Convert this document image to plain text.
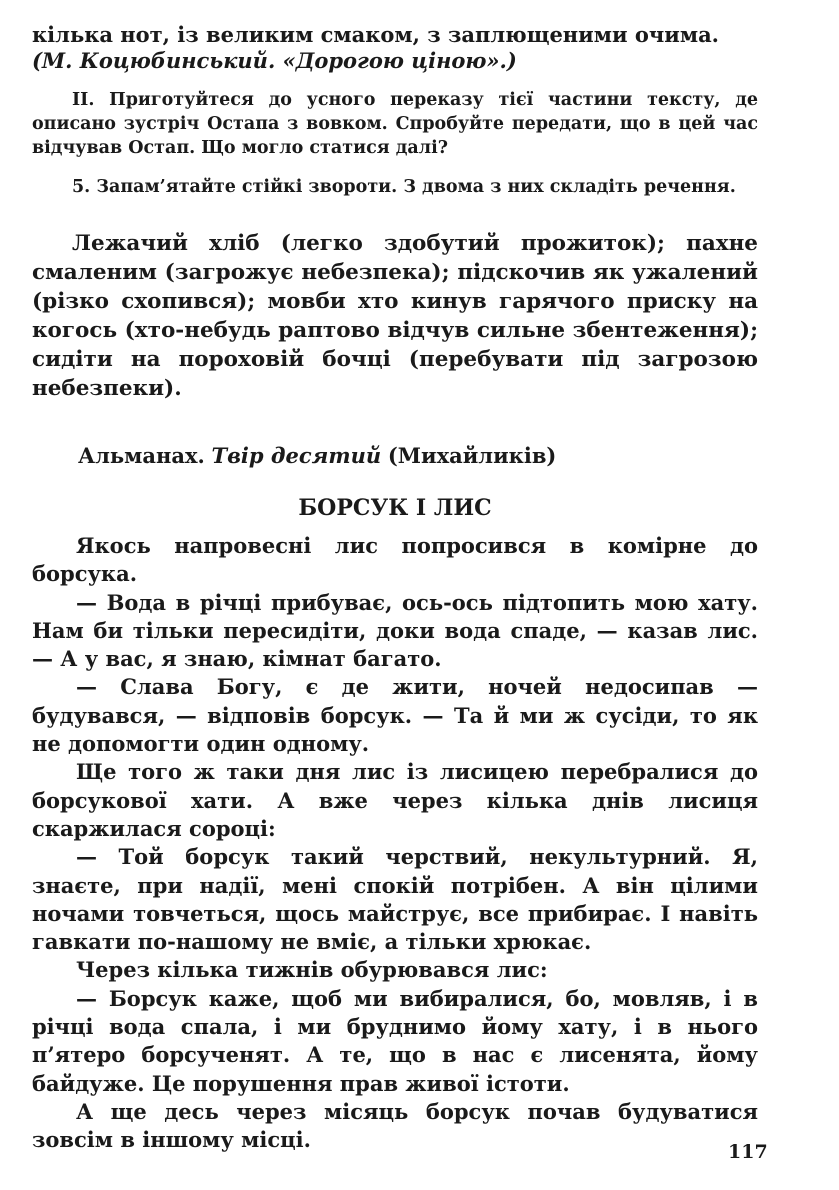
кілька нот, із великим смаком, з заплющеними очима.
(М. Коцюбинський. «Дорогою ціною».)

II. Приготуйтеся до усного переказу тієї частини тексту, де описано зустріч Остапа з вовком. Спробуйте передати, що в цей час відчував Остап. Що могло статися далі?

5. Запам’ятайте стійкі звороти. З двома з них складіть речення.

Лежачий хліб (легко здобутий прожиток); пахне смаленим (загрожує небезпека); підскочив як ужалений (різко схопився); мовби хто кинув гарячого приску на когось (хто-небудь раптово відчув сильне збентеження); сидіти на пороховій бочці (перебувати під загрозою небезпеки).

Альманах. Твір десятий (Михайликів)

БОРСУК І ЛИС

Якось напровесні лис попросився в комірне до борсука.

— Вода в річці прибуває, ось-ось підтопить мою хату. Нам би тільки пересидіти, доки вода спаде, — казав лис. — А у вас, я знаю, кімнат багато.

— Слава Богу, є де жити, ночей недосипав — будувався, — відповів борсук. — Та й ми ж сусіди, то як не допомогти один одному.

Ще того ж таки дня лис із лисицею перебралися до борсукової хати. А вже через кілька днів лисиця скаржилася сороці:

— Той борсук такий черствий, некультурний. Я, знаєте, при надії, мені спокій потрібен. А він цілими ночами товчеться, щось майструє, все прибирає. І навіть гавкати по-нашому не вміє, а тільки хрюкає.

Через кілька тижнів обурювався лис:

— Борсук каже, щоб ми вибиралися, бо, мовляв, і в річці вода спала, і ми бруднимо йому хату, і в нього п’ятеро борсученят. А те, що в нас є лисенята, йому байдуже. Це порушення прав живої істоти.

А ще десь через місяць борсук почав будуватися зовсім в іншому місці.	117
